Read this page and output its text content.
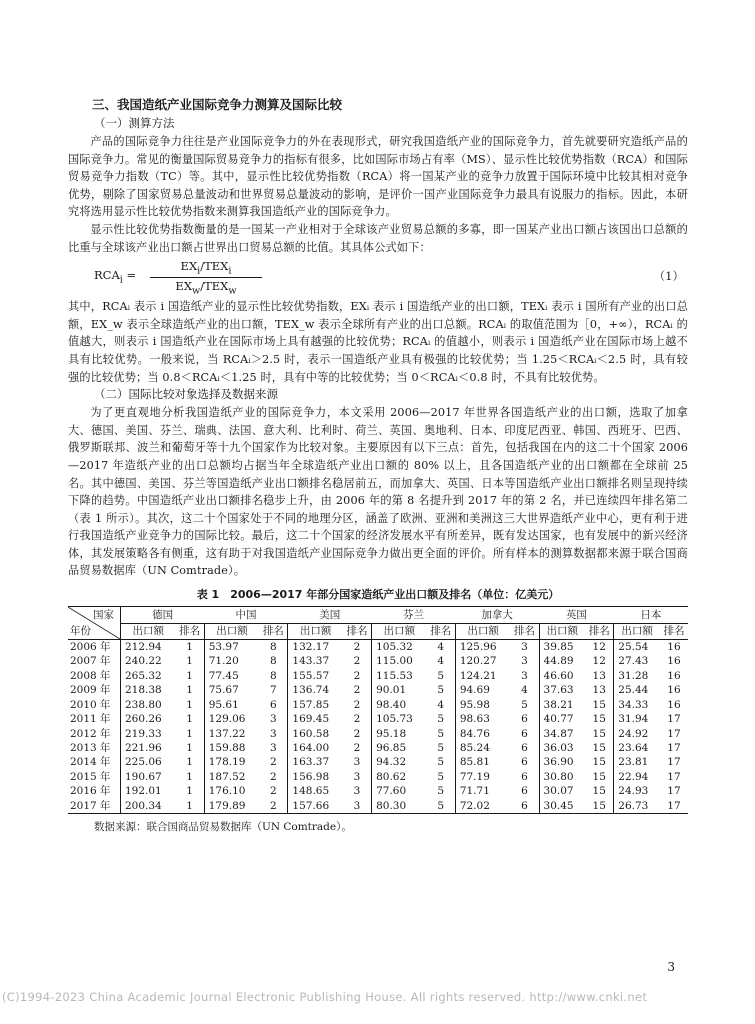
三、我国造纸产业国际竞争力测算及国际比较
（一）测算方法

产品的国际竞争力往往是产业国际竞争力的外在表现形式，研究我国造纸产业的国际竞争力，首先就要研究造纸产品的国际竞争力。常见的衡量国际贸易竞争力的指标有很多，比如国际市场占有率（MS）、显示性比较优势指数（RCA）和国际贸易竞争力指数（TC）等。其中，显示性比较优势指数（RCA）将一国某产业的竞争力放置于国际环境中比较其相对竞争优势，剔除了国家贸易总量波动和世界贸易总量波动的影响，是评价一国产业国际竞争力最具有说服力的指标。因此，本研究将选用显示性比较优势指数来测算我国造纸产业的国际竞争力。

显示性比较优势指数衡量的是一国某一产业相对于全球该产业贸易总额的多寡，即一国某产业出口额占该国出口总额的比重与全球该产业出口额占世界出口贸易总额的比值。其具体公式如下：

$RCA_i$ =
$EX_i/TEX_i$
$EX_w/TEX_w$
（1）

其中，RCAᵢ 表示 i 国造纸产业的显示性比较优势指数，EXᵢ 表示 i 国造纸产业的出口额，TEXᵢ 表示 i 国所有产业的出口总额，EX_w 表示全球造纸产业的出口额，TEX_w 表示全球所有产业的出口总额。RCAᵢ 的取值范围为［0，+∞），RCAᵢ 的值越大，则表示 i 国造纸产业在国际市场上具有越强的比较优势；RCAᵢ 的值越小，则表示 i 国造纸产业在国际市场上越不具有比较优势。一般来说，当 RCAᵢ＞2.5 时，表示一国造纸产业具有极强的比较优势；当 1.25＜RCAᵢ＜2.5 时，具有较强的比较优势；当 0.8＜RCAᵢ＜1.25 时，具有中等的比较优势；当 0＜RCAᵢ＜0.8 时，不具有比较优势。

（二）国际比较对象选择及数据来源

为了更直观地分析我国造纸产业的国际竞争力，本文采用 2006—2017 年世界各国造纸产业的出口额，选取了加拿大、德国、美国、芬兰、瑞典、法国、意大利、比利时、荷兰、英国、奥地利、日本、印度尼西亚、韩国、西班牙、巴西、俄罗斯联邦、波兰和葡萄牙等十九个国家作为比较对象。主要原因有以下三点：首先，包括我国在内的这二十个国家 2006—2017 年造纸产业的出口总额均占据当年全球造纸产业出口额的 80% 以上，且各国造纸产业的出口额都在全球前 25 名。其中德国、美国、芬兰等国造纸产业出口额排名稳居前五，而加拿大、英国、日本等国造纸产业出口额排名则呈现持续下降的趋势。中国造纸产业出口额排名稳步上升，由 2006 年的第 8 名提升到 2017 年的第 2 名，并已连续四年排名第二（表 1 所示）。其次，这二十个国家处于不同的地理分区，涵盖了欧洲、亚洲和美洲这三大世界造纸产业中心，更有利于进行我国造纸产业竞争力的国际比较。最后，这二十个国家的经济发展水平有所差异，既有发达国家，也有发展中的新兴经济体，其发展策略各有侧重，这有助于对我国造纸产业国际竞争力做出更全面的评价。所有样本的测算数据都来源于联合国商品贸易数据库（UN Comtrade）。

表 1　2006—2017 年部分国家造纸产业出口额及排名（单位：亿美元）
国家
年份	德国		中国		美国		芬兰		加拿大		英国		日本	
	出口额	排名	出口额	排名	出口额	排名	出口额	排名	出口额	排名	出口额	排名	出口额	排名
2006 年	212.94	1	53.97	8	132.17	2	105.32	4	125.96	3	39.85	12	25.54	16
2007 年	240.22	1	71.20	8	143.37	2	115.00	4	120.27	3	44.89	12	27.43	16
2008 年	265.32	1	77.45	8	155.57	2	115.53	5	124.21	3	46.60	13	31.28	16
2009 年	218.38	1	75.67	7	136.74	2	90.01	5	94.69	4	37.63	13	25.44	16
2010 年	238.80	1	95.61	6	157.85	2	98.40	4	95.98	5	38.21	15	34.33	16
2011 年	260.26	1	129.06	3	169.45	2	105.73	5	98.63	6	40.77	15	31.94	17
2012 年	219.33	1	137.22	3	160.58	2	95.18	5	84.76	6	34.87	15	24.92	17
2013 年	221.96	1	159.88	3	164.00	2	96.85	5	85.24	6	36.03	15	23.64	17
2014 年	225.06	1	178.19	2	163.37	3	94.32	5	85.81	6	36.90	15	23.81	17
2015 年	190.67	1	187.52	2	156.98	3	80.62	5	77.19	6	30.80	15	22.94	17
2016 年	192.01	1	176.10	2	148.65	3	77.60	5	71.71	6	30.07	15	24.93	17
2017 年	200.34	1	179.89	2	157.66	3	80.30	5	72.02	6	30.45	15	26.73	17
数据来源：联合国商品贸易数据库（UN Comtrade）。
3
(C)1994-2023 China Academic Journal Electronic Publishing House. All rights reserved. http://www.cnki.net
